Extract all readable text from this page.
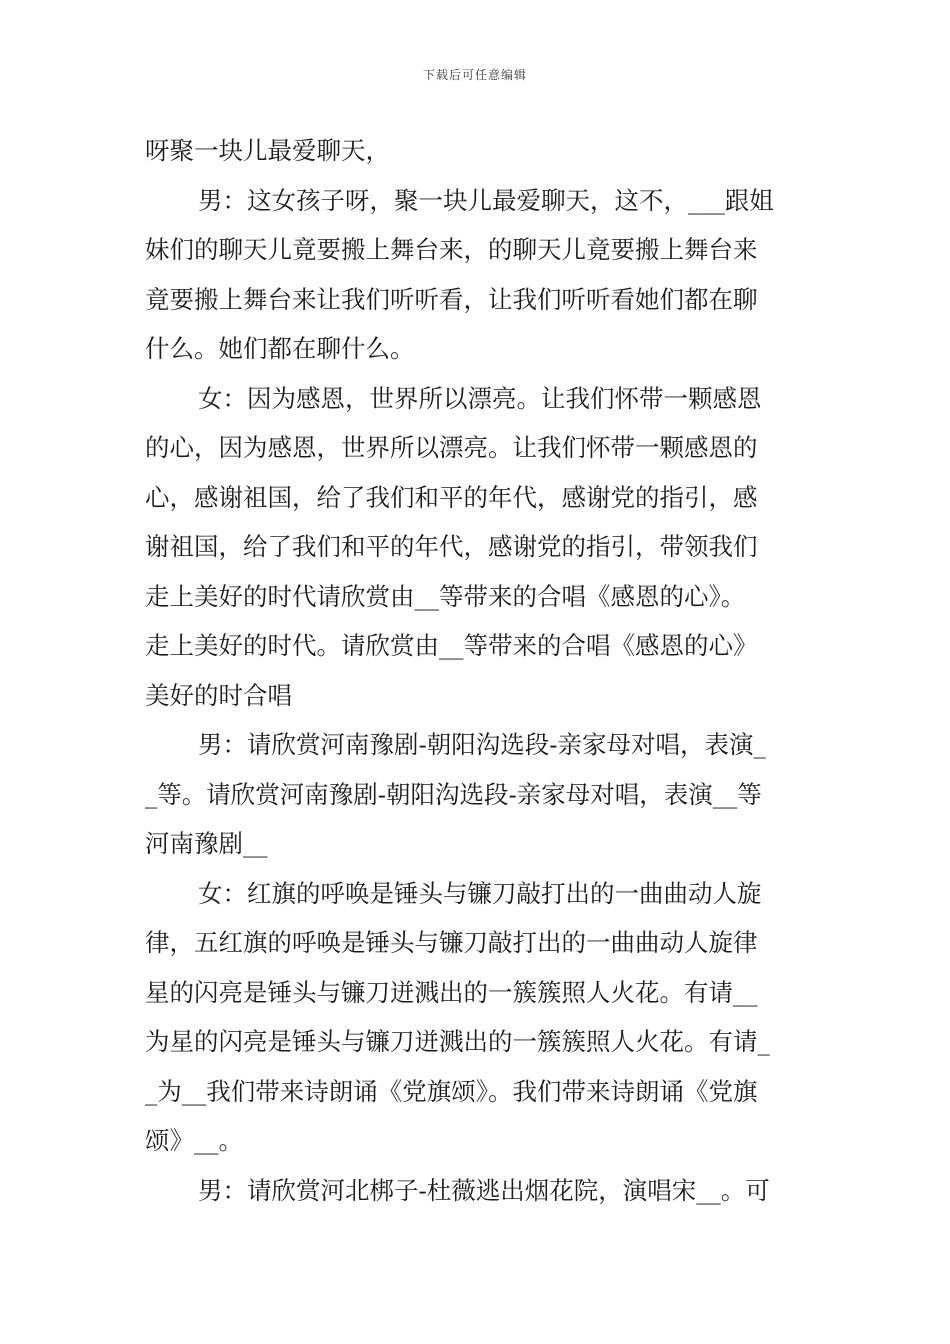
下载后可任意编辑
呀聚一块儿最爱聊天，
男：这女孩子呀，聚一块儿最爱聊天，这不，___跟姐
妹们的聊天儿竟要搬上舞台来，的聊天儿竟要搬上舞台来
竟要搬上舞台来让我们听听看，让我们听听看她们都在聊
什么。她们都在聊什么。
女：因为感恩，世界所以漂亮。让我们怀带一颗感恩
的心，因为感恩，世界所以漂亮。让我们怀带一颗感恩的
心，感谢祖国，给了我们和平的年代，感谢党的指引，感
谢祖国，给了我们和平的年代，感谢党的指引，带领我们
走上美好的时代请欣赏由__等带来的合唱《感恩的心》。
走上美好的时代。请欣赏由__等带来的合唱《感恩的心》
美好的时合唱
男：请欣赏河南豫剧-朝阳沟选段-亲家母对唱，表演_
_等。请欣赏河南豫剧-朝阳沟选段-亲家母对唱，表演__等
河南豫剧__
女：红旗的呼唤是锤头与镰刀敲打出的一曲曲动人旋
律，五红旗的呼唤是锤头与镰刀敲打出的一曲曲动人旋律
星的闪亮是锤头与镰刀迸溅出的一簇簇照人火花。有请__
为星的闪亮是锤头与镰刀迸溅出的一簇簇照人火花。有请_
_为__我们带来诗朗诵《党旗颂》。我们带来诗朗诵《党旗
颂》__。
男：请欣赏河北梆子-杜薇逃出烟花院，演唱宋__。可
